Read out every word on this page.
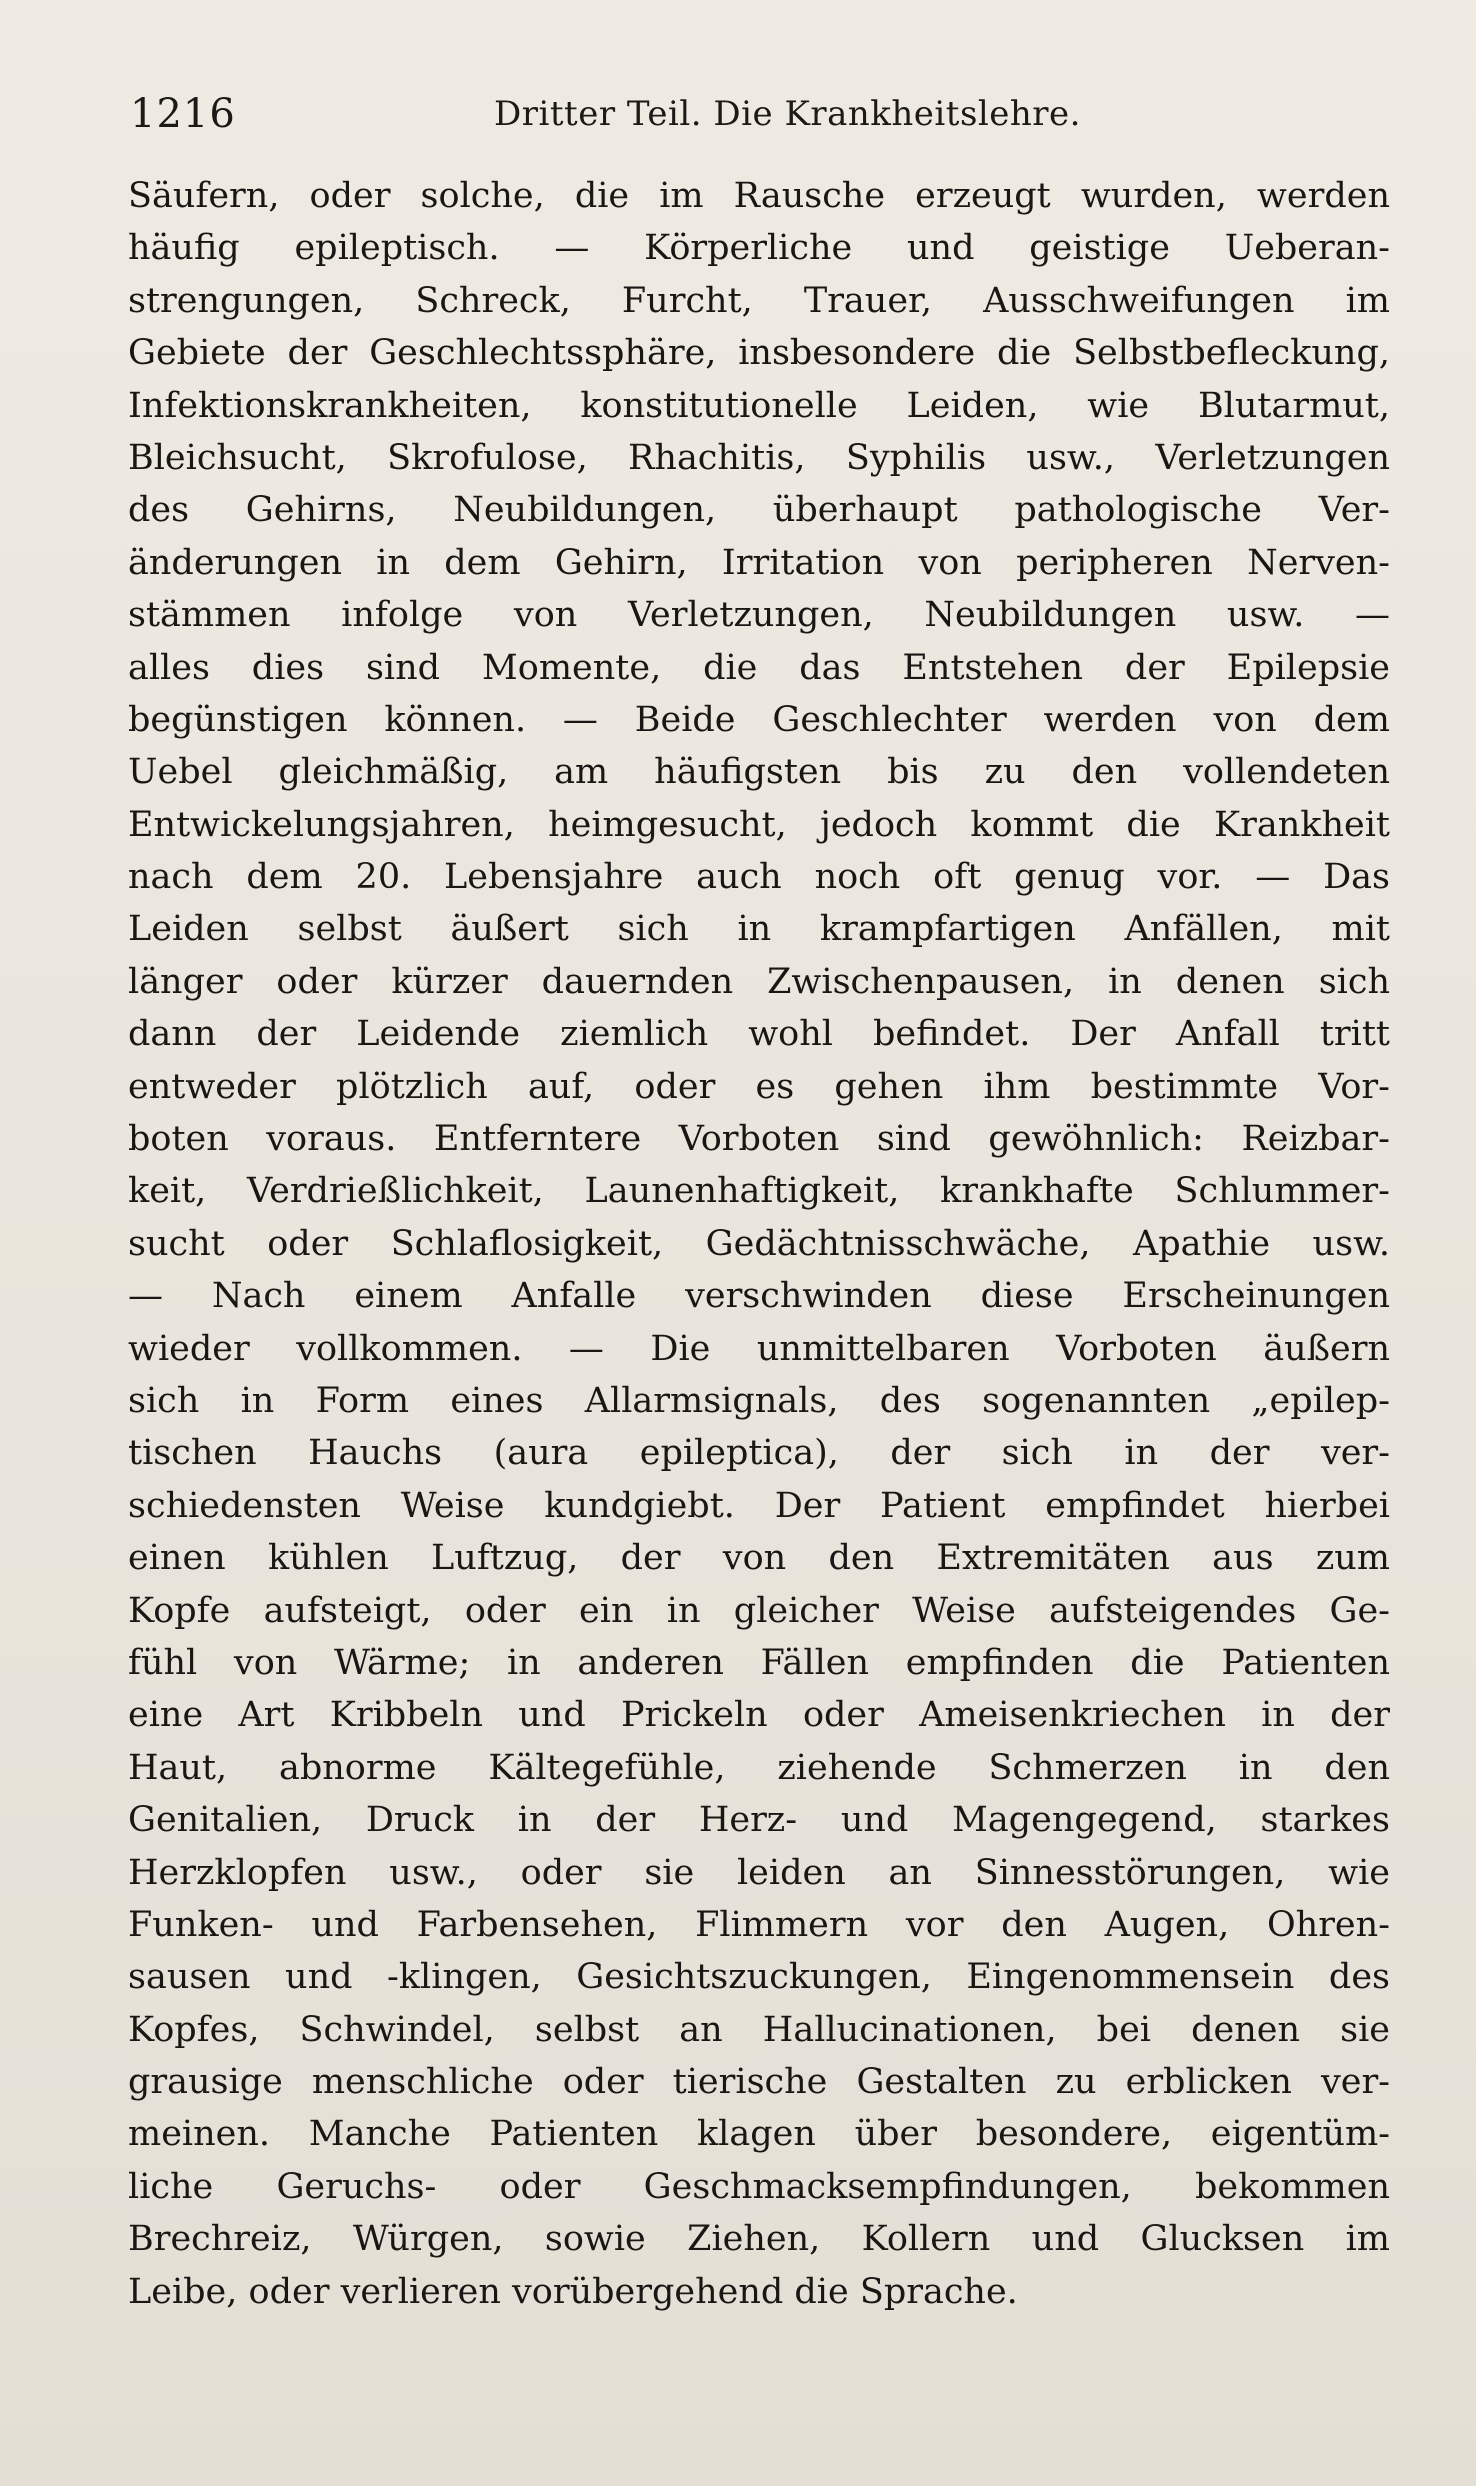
1216	Dritter Teil. Die Krankheitslehre.
Säufern, oder solche, die im Rausche erzeugt wurden, werden
häufig epileptisch. — Körperliche und geistige Ueberan-
strengungen, Schreck, Furcht, Trauer, Ausschweifungen im
Gebiete der Geschlechtssphäre, insbesondere die Selbstbefleckung,
Infektionskrankheiten, konstitutionelle Leiden, wie Blutarmut,
Bleichsucht, Skrofulose, Rhachitis, Syphilis usw., Verletzungen
des Gehirns, Neubildungen, überhaupt pathologische Ver-
änderungen in dem Gehirn, Irritation von peripheren Nerven-
stämmen infolge von Verletzungen, Neubildungen usw. —
alles dies sind Momente, die das Entstehen der Epilepsie
begünstigen können. — Beide Geschlechter werden von dem
Uebel gleichmäßig, am häufigsten bis zu den vollendeten
Entwickelungsjahren, heimgesucht, jedoch kommt die Krankheit
nach dem 20. Lebensjahre auch noch oft genug vor. — Das
Leiden selbst äußert sich in krampfartigen Anfällen, mit
länger oder kürzer dauernden Zwischenpausen, in denen sich
dann der Leidende ziemlich wohl befindet. Der Anfall tritt
entweder plötzlich auf, oder es gehen ihm bestimmte Vor-
boten voraus. Entferntere Vorboten sind gewöhnlich: Reizbar-
keit, Verdrießlichkeit, Launenhaftigkeit, krankhafte Schlummer-
sucht oder Schlaflosigkeit, Gedächtnisschwäche, Apathie usw.
— Nach einem Anfalle verschwinden diese Erscheinungen
wieder vollkommen. — Die unmittelbaren Vorboten äußern
sich in Form eines Allarmsignals, des sogenannten „epilep-
tischen Hauchs (aura epileptica), der sich in der ver-
schiedensten Weise kundgiebt. Der Patient empfindet hierbei
einen kühlen Luftzug, der von den Extremitäten aus zum
Kopfe aufsteigt, oder ein in gleicher Weise aufsteigendes Ge-
fühl von Wärme; in anderen Fällen empfinden die Patienten
eine Art Kribbeln und Prickeln oder Ameisenkriechen in der
Haut, abnorme Kältegefühle, ziehende Schmerzen in den
Genitalien, Druck in der Herz- und Magengegend, starkes
Herzklopfen usw., oder sie leiden an Sinnesstörungen, wie
Funken- und Farbensehen, Flimmern vor den Augen, Ohren-
sausen und -klingen, Gesichtszuckungen, Eingenommensein des
Kopfes, Schwindel, selbst an Hallucinationen, bei denen sie
grausige menschliche oder tierische Gestalten zu erblicken ver-
meinen. Manche Patienten klagen über besondere, eigentüm-
liche Geruchs- oder Geschmacksempfindungen, bekommen
Brechreiz, Würgen, sowie Ziehen, Kollern und Glucksen im
Leibe, oder verlieren vorübergehend die Sprache.
